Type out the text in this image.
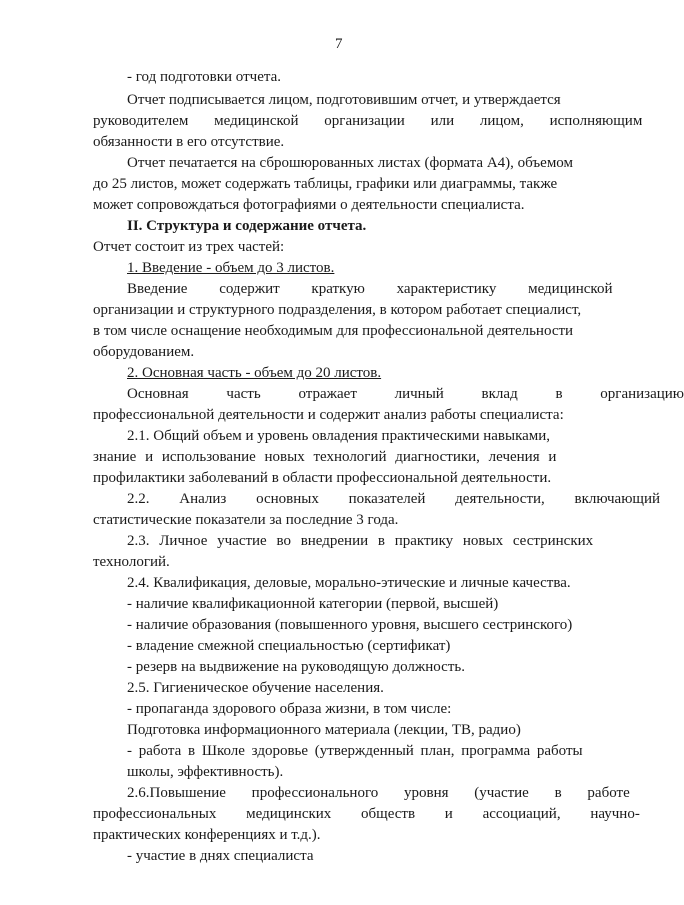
7
- год подготовки отчета.
Отчет подписывается лицом, подготовившим отчет, и утверждается
руководителем медицинской организации или лицом, исполняющим
обязанности в его отсутствие.
Отчет печатается на сброшюрованных листах (формата А4), объемом
до 25 листов, может содержать таблицы, графики или диаграммы, также
может сопровождаться фотографиями о деятельности специалиста.
II. Структура и содержание отчета.
Отчет состоит из трех частей:
1. Введение - объем до 3 листов.
Введение содержит краткую характеристику медицинской
организации и структурного подразделения, в котором работает специалист,
в том числе оснащение необходимым для профессиональной деятельности
оборудованием.
2. Основная часть - объем до 20 листов.
Основная часть отражает личный вклад в организацию
профессиональной деятельности и содержит анализ работы специалиста:
2.1. Общий объем и уровень овладения практическими навыками,
знание и использование новых технологий диагностики, лечения и
профилактики заболеваний в области профессиональной деятельности.
2.2. Анализ основных показателей деятельности, включающий
статистические показатели за последние 3 года.
2.3. Личное участие во внедрении в практику новых сестринских
технологий.
2.4. Квалификация, деловые, морально-этические и личные качества.
- наличие квалификационной категории (первой, высшей)
- наличие образования (повышенного уровня, высшего сестринского)
- владение смежной специальностью (сертификат)
- резерв на выдвижение на руководящую должность.
2.5. Гигиеническое обучение населения.
- пропаганда здорового образа жизни, в том числе:
Подготовка информационного материала (лекции, ТВ, радио)
- работа в Школе здоровье (утвержденный план, программа работы
школы, эффективность).
2.6.Повышение профессионального уровня (участие в работе
профессиональных медицинских обществ и ассоциаций, научно-
практических конференциях и т.д.).
- участие в днях специалиста
